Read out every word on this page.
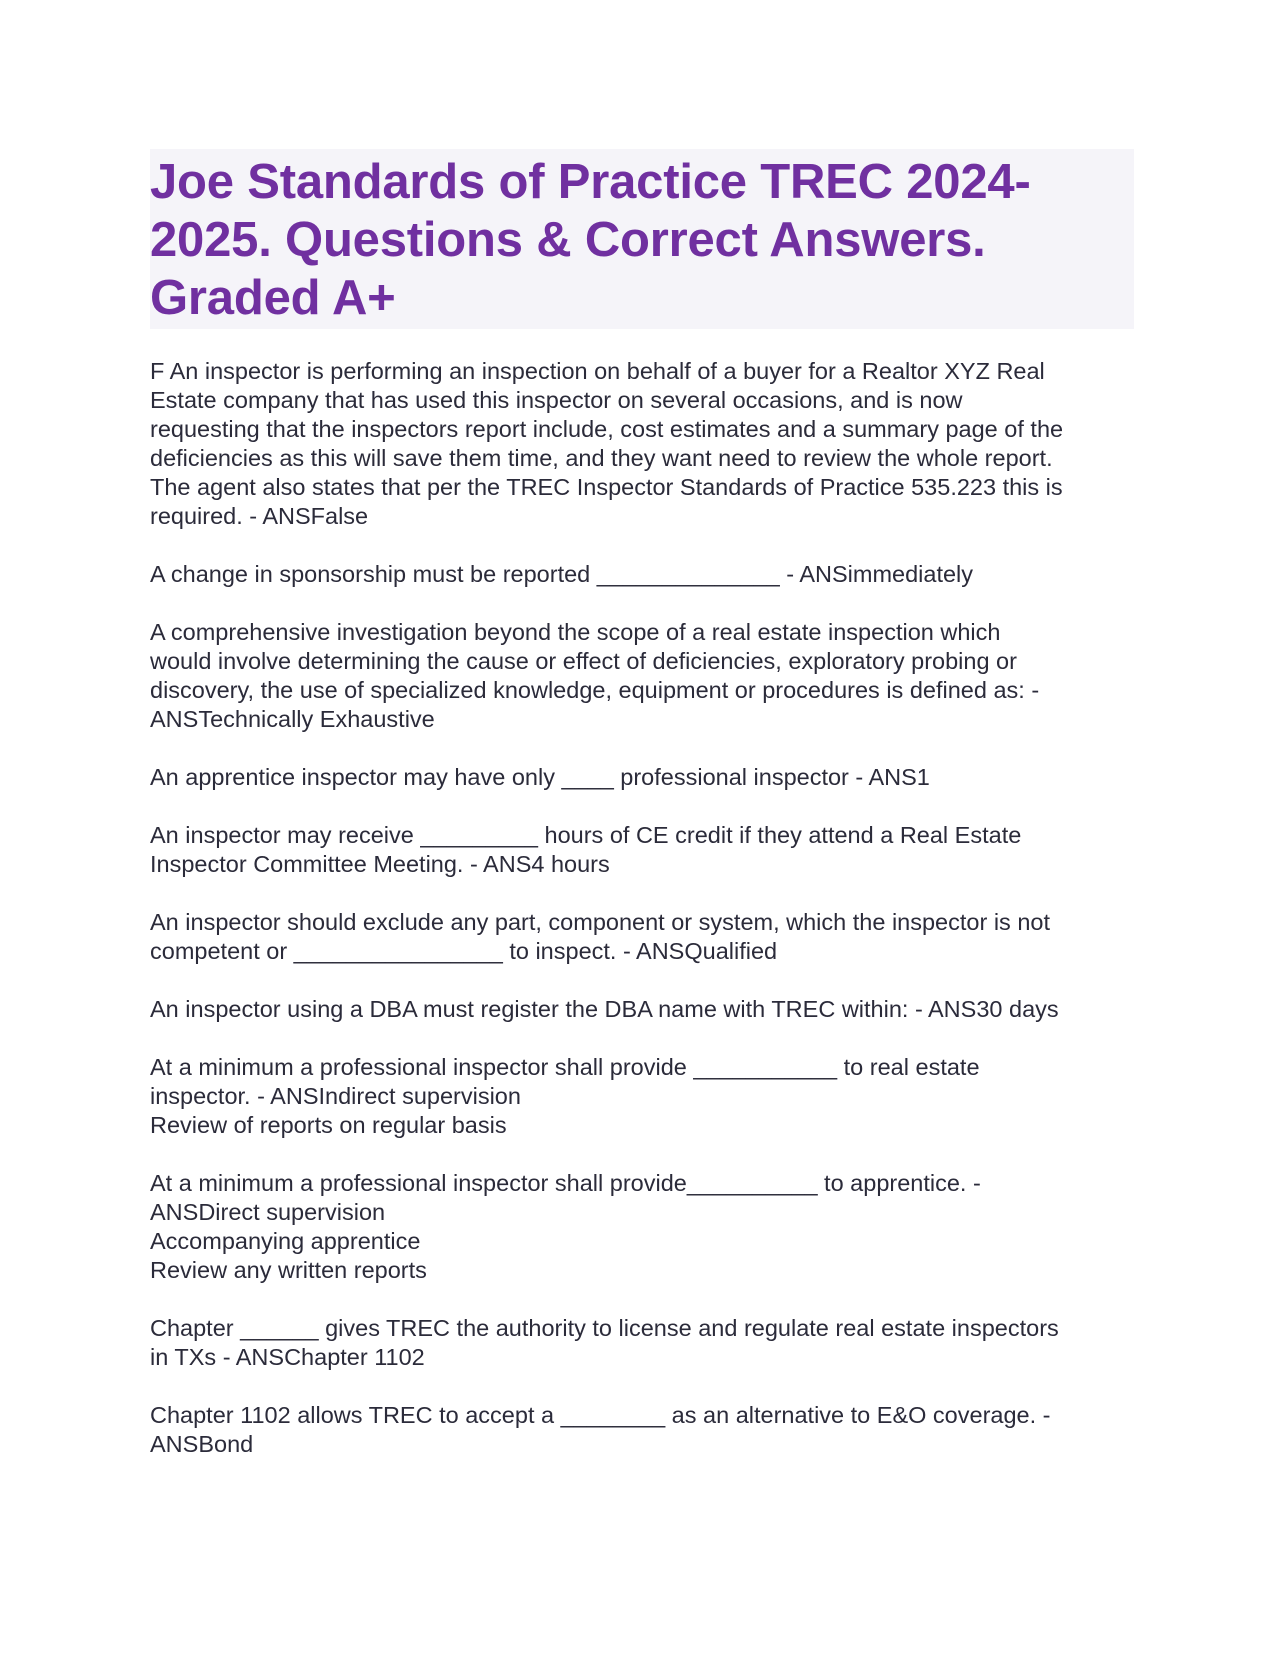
Joe Standards of Practice TREC 2024-
2025. Questions & Correct Answers.
Graded A+

F An inspector is performing an inspection on behalf of a buyer for a Realtor XYZ Real
Estate company that has used this inspector on several occasions, and is now
requesting that the inspectors report include, cost estimates and a summary page of the
deficiencies as this will save them time, and they want need to review the whole report.
The agent also states that per the TREC Inspector Standards of Practice 535.223 this is
required. - ANSFalse

A change in sponsorship must be reported ______________ - ANSimmediately

A comprehensive investigation beyond the scope of a real estate inspection which
would involve determining the cause or effect of deficiencies, exploratory probing or
discovery, the use of specialized knowledge, equipment or procedures is defined as: -
ANSTechnically Exhaustive

An apprentice inspector may have only ____ professional inspector - ANS1

An inspector may receive _________ hours of CE credit if they attend a Real Estate
Inspector Committee Meeting. - ANS4 hours

An inspector should exclude any part, component or system, which the inspector is not
competent or ________________ to inspect. - ANSQualified

An inspector using a DBA must register the DBA name with TREC within: - ANS30 days

At a minimum a professional inspector shall provide ___________ to real estate
inspector. - ANSIndirect supervision
Review of reports on regular basis

At a minimum a professional inspector shall provide__________ to apprentice. -
ANSDirect supervision
Accompanying apprentice
Review any written reports

Chapter ______ gives TREC the authority to license and regulate real estate inspectors
in TXs - ANSChapter 1102

Chapter 1102 allows TREC to accept a ________ as an alternative to E&O coverage. -
ANSBond
